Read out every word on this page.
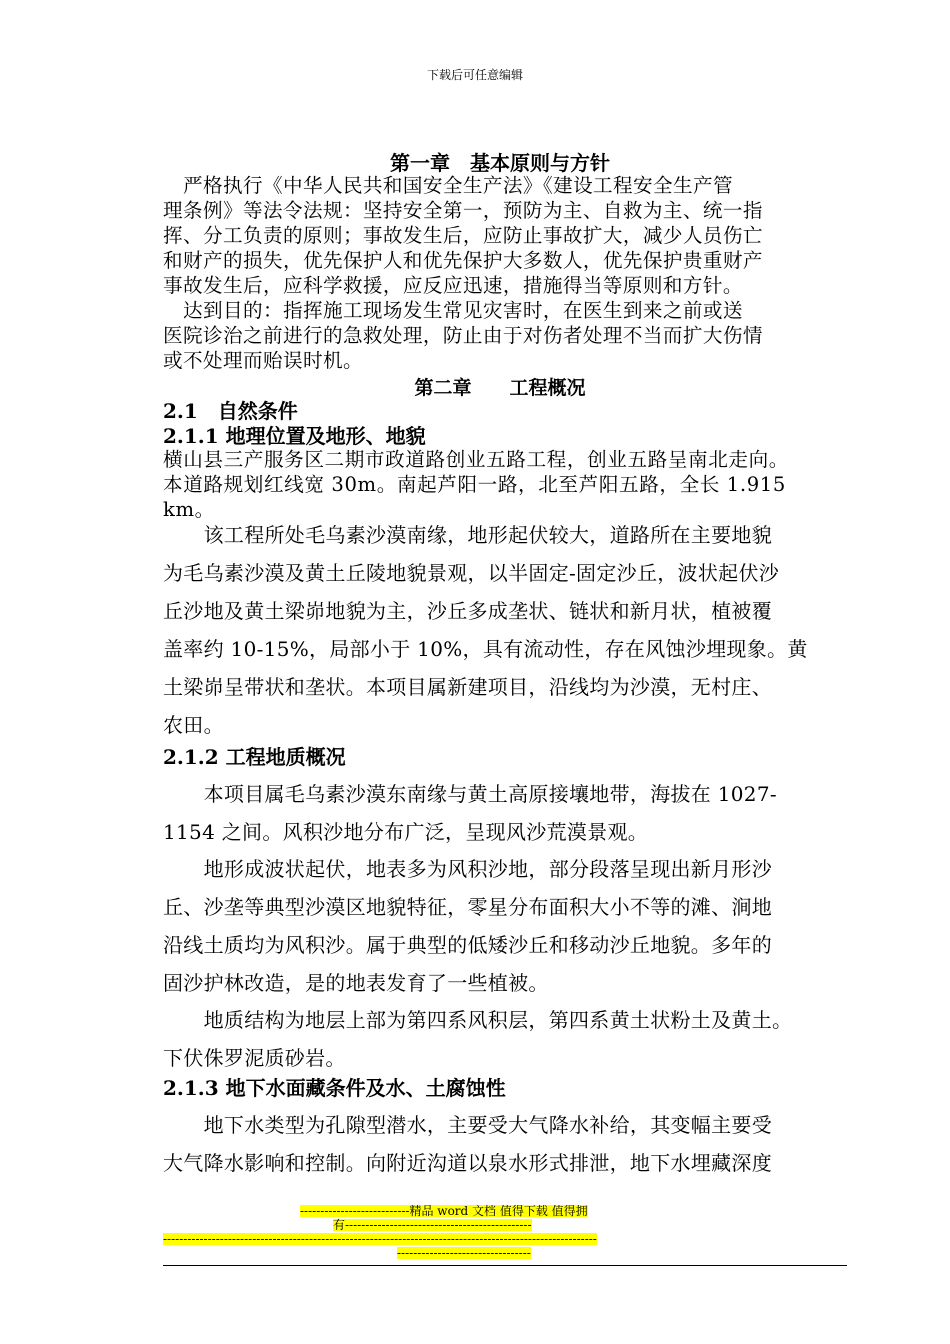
下载后可任意编辑
第一章　基本原则与方针
　严格执行《中华人民共和国安全生产法》《建设工程安全生产管
理条例》等法令法规：坚持安全第一，预防为主、自救为主、统一指
挥、分工负责的原则；事故发生后，应防止事故扩大，减少人员伤亡
和财产的损失，优先保护人和优先保护大多数人，优先保护贵重财产
事故发生后，应科学救援，应反应迅速，措施得当等原则和方针。
　达到目的：指挥施工现场发生常见灾害时，在医生到来之前或送
医院诊治之前进行的急救处理，防止由于对伤者处理不当而扩大伤情
或不处理而贻误时机。
第二章　　工程概况
2.1　自然条件
2.1.1 地理位置及地形、地貌
横山县三产服务区二期市政道路创业五路工程，创业五路呈南北走向。
本道路规划红线宽 30m。南起芦阳一路，北至芦阳五路，全长 1.915
km。
　　该工程所处毛乌素沙漠南缘，地形起伏较大，道路所在主要地貌
为毛乌素沙漠及黄土丘陵地貌景观，以半固定-固定沙丘，波状起伏沙
丘沙地及黄土梁峁地貌为主，沙丘多成垄状、链状和新月状，植被覆
盖率约 10-15%，局部小于 10%，具有流动性，存在风蚀沙埋现象。黄
土梁峁呈带状和垄状。本项目属新建项目，沿线均为沙漠，无村庄、
农田。
2.1.2 工程地质概况
　　本项目属毛乌素沙漠东南缘与黄土高原接壤地带，海拔在 1027-
1154 之间。风积沙地分布广泛，呈现风沙荒漠景观。
　　地形成波状起伏，地表多为风积沙地，部分段落呈现出新月形沙
丘、沙垄等典型沙漠区地貌特征，零星分布面积大小不等的滩、涧地
沿线土质均为风积沙。属于典型的低矮沙丘和移动沙丘地貌。多年的
固沙护林改造，是的地表发育了一些植被。
　　地质结构为地层上部为第四系风积层，第四系黄土状粉土及黄土。
下伏侏罗泥质砂岩。
2.1.3 地下水面藏条件及水、土腐蚀性
　　地下水类型为孔隙型潜水，主要受大气降水补给，其变幅主要受
大气降水影响和控制。向附近沟道以泉水形式排泄，地下水埋藏深度
---------------------------精品 word 文档 值得下载 值得拥
有----------------------------------------------
-----------------------------------------------------------------------------------------------------------
---------------------------------
